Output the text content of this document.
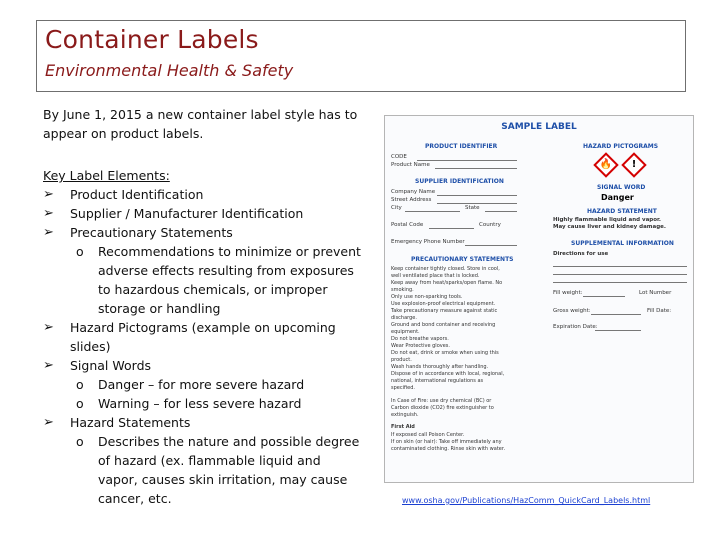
Container Labels
Environmental Health & Safety
By June 1, 2015 a new container label style has to appear on product labels.
Key Label Elements:
➢ Product Identification
➢ Supplier / Manufacturer Identification
➢ Precautionary Statements
o Recommendations to minimize or prevent adverse effects resulting from exposures to hazardous chemicals, or improper storage or handling
➢ Hazard Pictograms (example on upcoming slides)
➢ Signal Words
o Danger – for more severe hazard
o Warning – for less severe hazard
➢ Hazard Statements
o Describes the nature and possible degree of hazard (ex. flammable liquid and vapor, causes skin irritation, may cause cancer, etc.
SAMPLE LABEL
PRODUCT IDENTIFIER
CODE
Product Name
SUPPLIER IDENTIFICATION
Company Name
Street Address
City	State
Postal Code	Country
Emergency Phone Number
PRECAUTIONARY STATEMENTS
Keep container tightly closed. Store in cool,
well ventilated place that is locked.
Keep away from heat/sparks/open flame. No
smoking.
Only use non-sparking tools.
Use explosion-proof electrical equipment.
Take precautionary measure against static
discharge.
Ground and bond container and receiving
equipment.
Do not breathe vapors.
Wear Protective gloves.
Do not eat, drink or smoke when using this
product.
Wash hands thoroughly after handling.
Dispose of in accordance with local, regional,
national, international regulations as
specified.
In Case of Fire: use dry chemical (BC) or
Carbon dioxide (CO2) fire extinguisher to
extinguish.
First Aid
If exposed call Poison Center.
If on skin (or hair): Take off immediately any
contaminated clothing. Rinse skin with water.
HAZARD PICTOGRAMS
🔥	!
SIGNAL WORD
Danger
HAZARD STATEMENT
Highly flammable liquid and vapor.
May cause liver and kidney damage.
SUPPLEMENTAL INFORMATION
Directions for use
Fill weight:	Lot Number
Gross weight:	Fill Date:
Expiration Date:
www.osha.gov/Publications/HazComm_QuickCard_Labels.html
